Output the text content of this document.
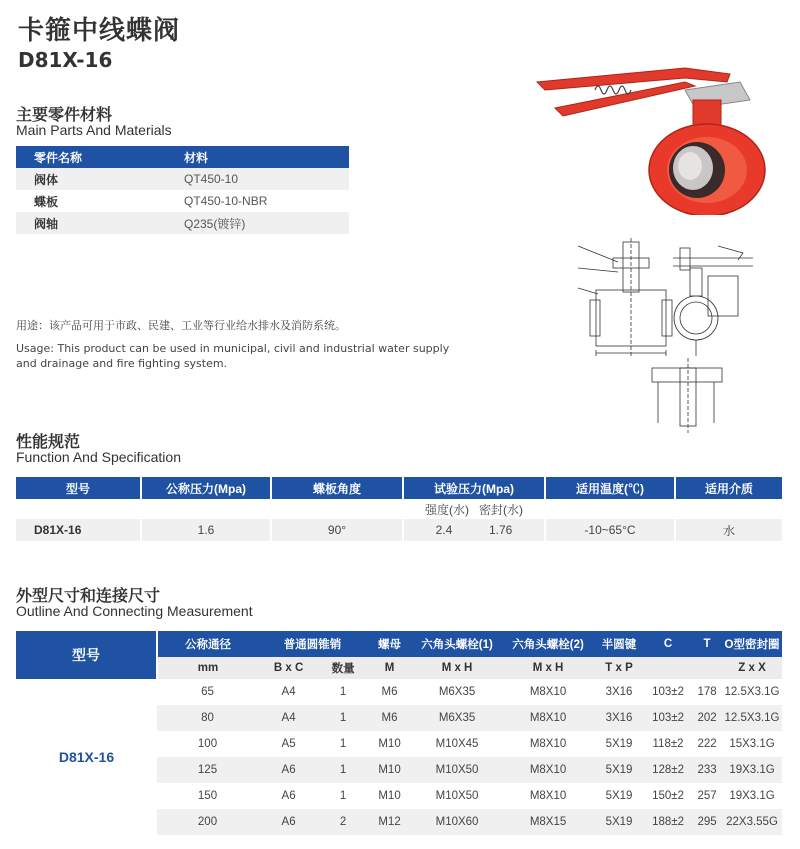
卡箍中线蝶阀
D81X-16
主要零件材料
Main Parts And Materials
零件名称	材料
阀体	QT450-10
蝶板	QT450-10-NBR
阀轴	Q235(镀锌)
用途：该产品可用于市政、民建、工业等行业给水排水及消防系统。
Usage: This product can be used in municipal, civil and industrial water supply and drainage and fire fighting system.
性能规范
Function And Specification
型号	公称压力(Mpa)	蝶板角度	试验压力(Mpa)	适用温度(℃)	适用介质
			强度(水) 密封(水)		
D81X-16	1.6	90°	2.4 1.76	-10~65°C	水
外型尺寸和连接尺寸
Outline And Connecting Measurement
型号	公称通径	普通圆锥销		螺母	六角头螺栓(1)	六角头螺栓(2)	半圆键	C	T	O型密封圈
	mm	B x C	数量	M	M x H	M x H	T x P			Z x X
D81X-16	65	A4	1	M6	M6X35	M8X10	3X16	103±2	178	12.5X3.1G
	80	A4	1	M6	M6X35	M8X10	3X16	103±2	202	12.5X3.1G
	100	A5	1	M10	M10X45	M8X10	5X19	118±2	222	15X3.1G
	125	A6	1	M10	M10X50	M8X10	5X19	128±2	233	19X3.1G
	150	A6	1	M10	M10X50	M8X10	5X19	150±2	257	19X3.1G
	200	A6	2	M12	M10X60	M8X15	5X19	188±2	295	22X3.55G
